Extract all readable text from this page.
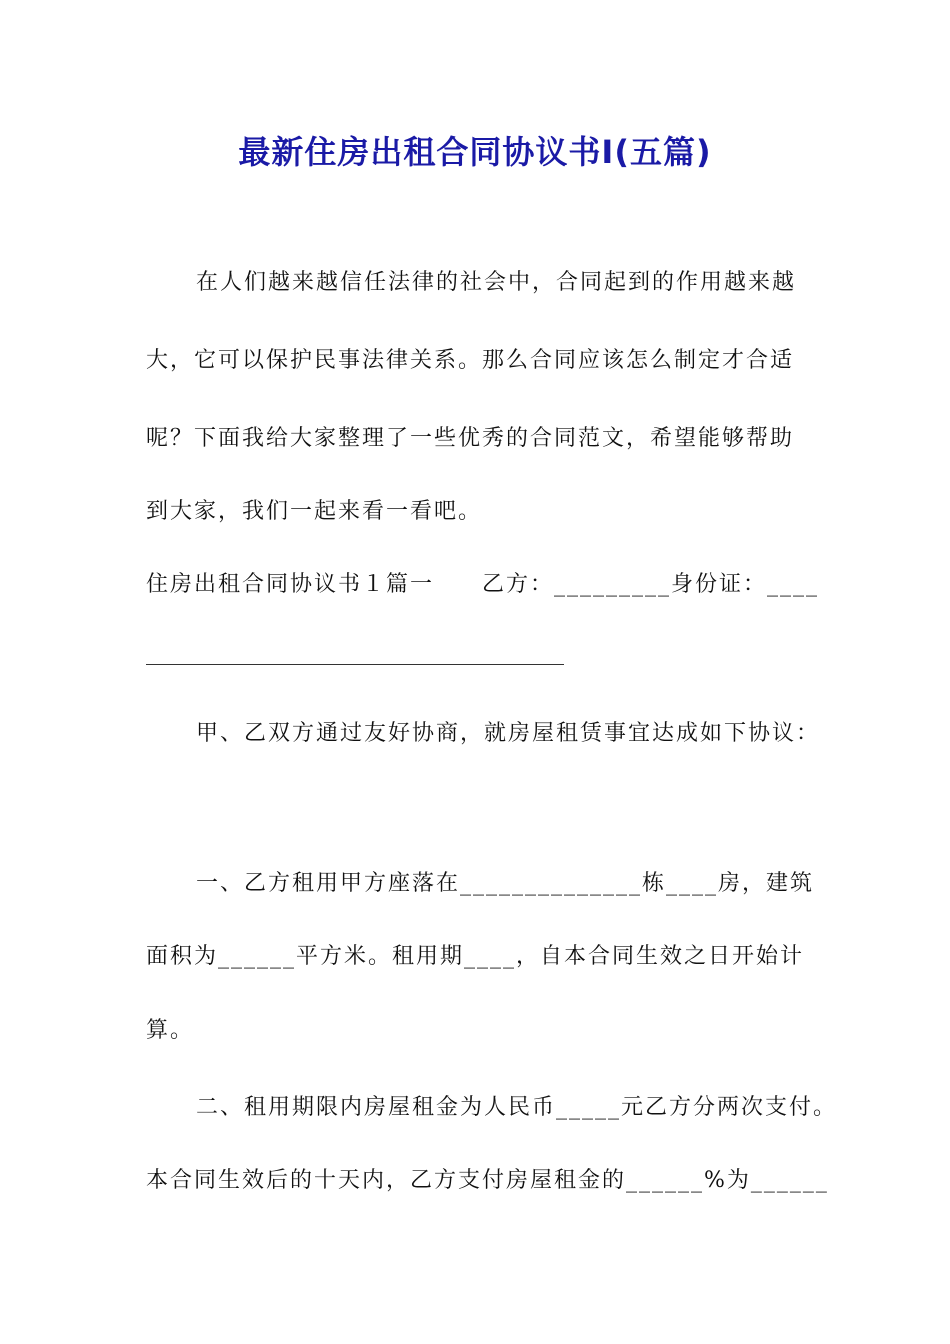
最新住房出租合同协议书Ⅰ(五篇)
在人们越来越信任法律的社会中，合同起到的作用越来越
大，它可以保护民事法律关系。那么合同应该怎么制定才合适
呢？下面我给大家整理了一些优秀的合同范文，希望能够帮助
到大家，我们一起来看一看吧。
住房出租合同协议书１篇一　　乙方：_________身份证：____
甲、乙双方通过友好协商，就房屋租赁事宜达成如下协议：
一、乙方租用甲方座落在______________栋____房，建筑
面积为______平方米。租用期____，自本合同生效之日开始计
算。
二、租用期限内房屋租金为人民币_____元乙方分两次支付。
本合同生效后的十天内，乙方支付房屋租金的______%为______
